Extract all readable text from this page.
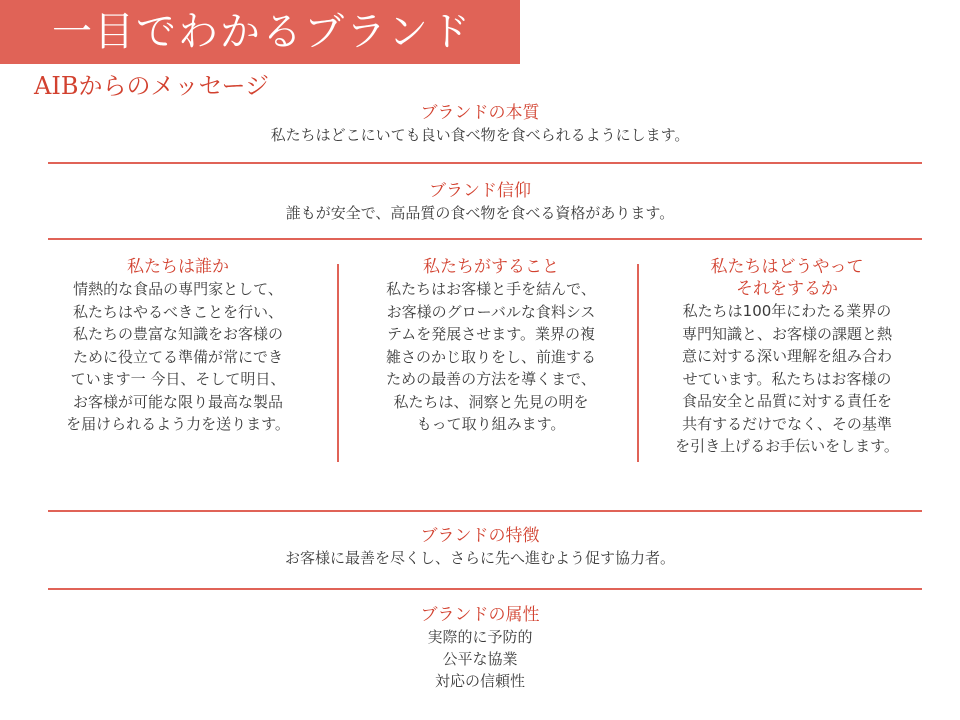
一目でわかるブランド
AIBからのメッセージ
ブランドの本質
私たちはどこにいても良い食べ物を食べられるようにします。
ブランド信仰
誰もが安全で、高品質の食べ物を食べる資格があります。
私たちは誰か
情熱的な食品の専門家として、
私たちはやるべきことを行い、
私たちの豊富な知識をお客様の
ために役立てる準備が常にでき
ています一 今日、そして明日、
お客様が可能な限り最高な製品
を届けられるよう力を送ります。
私たちがすること
私たちはお客様と手を結んで、
お客様のグローバルな食料シス
テムを発展させます。業界の複
雑さのかじ取りをし、前進する
ための最善の方法を導くまで、
私たちは、洞察と先見の明を
もって取り組みます。
私たちはどうやって
それをするか
私たちは100年にわたる業界の
専門知識と、お客様の課題と熱
意に対する深い理解を組み合わ
せています。私たちはお客様の
食品安全と品質に対する責任を
共有するだけでなく、その基準
を引き上げるお手伝いをします。
ブランドの特徴
お客様に最善を尽くし、さらに先へ進むよう促す協力者。
ブランドの属性
実際的に予防的
公平な協業
対応の信頼性
